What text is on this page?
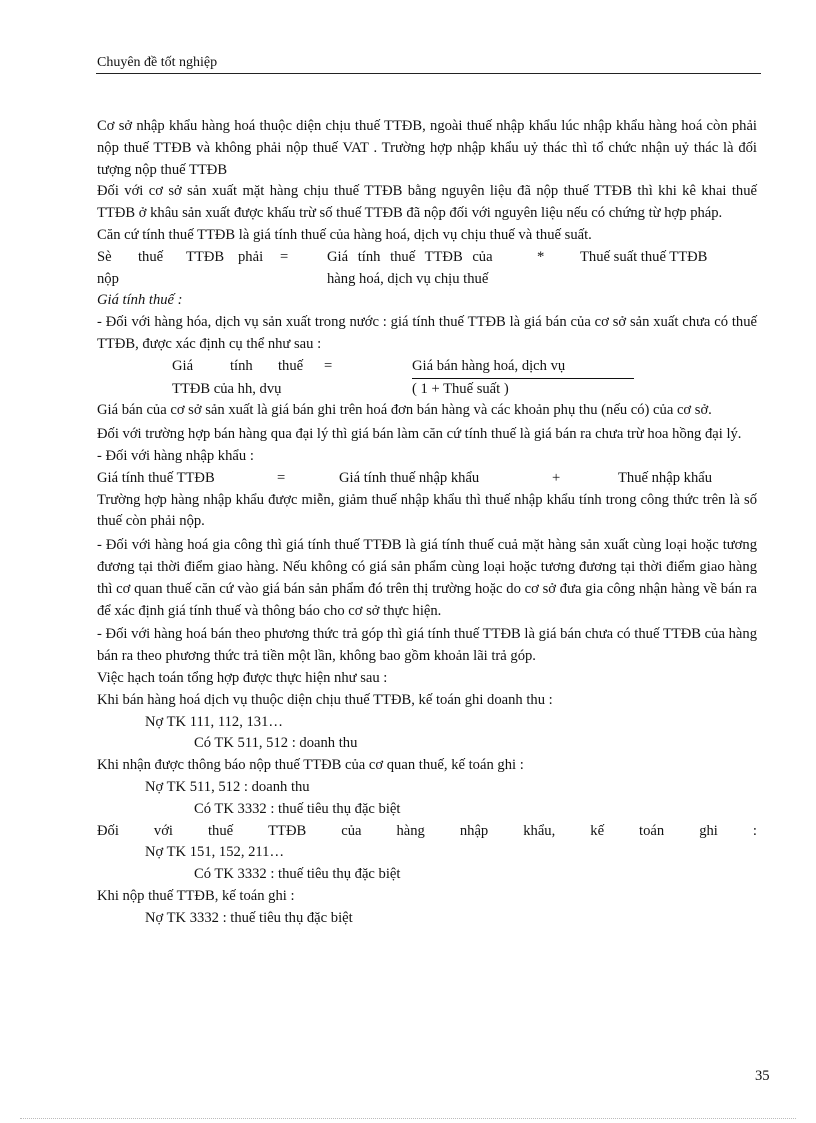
Chuyên đề tốt nghiệp

Cơ sở nhập khẩu hàng hoá thuộc diện chịu thuế TTĐB, ngoài thuế nhập khẩu lúc nhập khẩu hàng hoá còn phải nộp thuế TTĐB và không phải nộp thuế VAT . Trường hợp nhập khẩu uỷ thác thì tổ chức nhận uỷ thác là đối tượng nộp thuế TTĐB

Đối với cơ sở sản xuất mặt hàng chịu thuế TTĐB bằng nguyên liệu đã nộp thuế TTĐB thì khi kê khai thuế TTĐB ở khâu sản xuất được khấu trừ số thuế TTĐB đã nộp đối với nguyên liệu nếu có chứng từ hợp pháp.

Căn cứ tính thuế TTĐB là giá tính thuế của hàng hoá, dịch vụ chịu thuế và thuế suất.

Sè	thuế	TTĐB phải	=	Giá tính thuế TTĐB của	*	Thuế suất thuế TTĐB
nộp	hàng hoá, dịch vụ chịu thuế

Giá tính thuế :

- Đối với hàng hóa, dịch vụ sản xuất trong nước : giá tính thuế TTĐB là giá bán của cơ sở sản xuất chưa có thuế TTĐB, được xác định cụ thể như sau :

Giá	tính	thuế	=	Giá bán hàng hoá, dịch vụ
TTĐB của hh, dvụ	( 1 + Thuế suất )

Giá bán của cơ sở sản xuất là giá bán ghi trên hoá đơn bán hàng và các khoản phụ thu (nếu có) của cơ sở.

Đối với trường hợp bán hàng qua đại lý thì giá bán làm căn cứ tính thuế là giá bán ra chưa trừ hoa hồng đại lý.

- Đối với hàng nhập khẩu :

Giá tính thuế TTĐB	=	Giá tính thuế nhập khẩu	+	Thuế nhập khẩu

Trường hợp hàng nhập khẩu được miễn, giảm thuế nhập khẩu thì thuế nhập khẩu tính trong công thức trên là số thuế còn phải nộp.

- Đối với hàng hoá gia công thì giá tính thuế TTĐB là giá tính thuế cuả mặt hàng sản xuất cùng loại hoặc tương đương tại thời điểm giao hàng. Nếu không có giá sản phẩm cùng loại hoặc tương đương tại thời điểm giao hàng thì cơ quan thuế căn cứ vào giá bán sản phẩm đó trên thị trường hoặc do cơ sở đưa gia công nhận hàng về bán ra để xác định giá tính thuế và thông báo cho cơ sở thực hiện.

- Đối với hàng hoá bán theo phương thức trả góp thì giá tính thuế TTĐB là giá bán chưa có thuế TTĐB của hàng bán ra theo phương thức trả tiền một lần, không bao gồm khoản lãi trả góp.

Việc hạch toán tổng hợp được thực hiện như sau :

Khi bán hàng hoá dịch vụ thuộc diện chịu thuế TTĐB, kế toán ghi doanh thu :

Nợ TK 111, 112, 131…

Có TK 511, 512 : doanh thu

Khi nhận được thông báo nộp thuế TTĐB của cơ quan thuế, kế toán ghi :

Nợ TK 511, 512 : doanh thu

Có TK 3332 : thuế tiêu thụ đặc biệt

Đối với thuế TTĐB của hàng nhập khẩu, kế toán ghi :

Nợ TK 151, 152, 211…

Có TK 3332 : thuế tiêu thụ đặc biệt

Khi nộp thuế TTĐB, kế toán ghi :

Nợ TK 3332 : thuế tiêu thụ đặc biệt

35
